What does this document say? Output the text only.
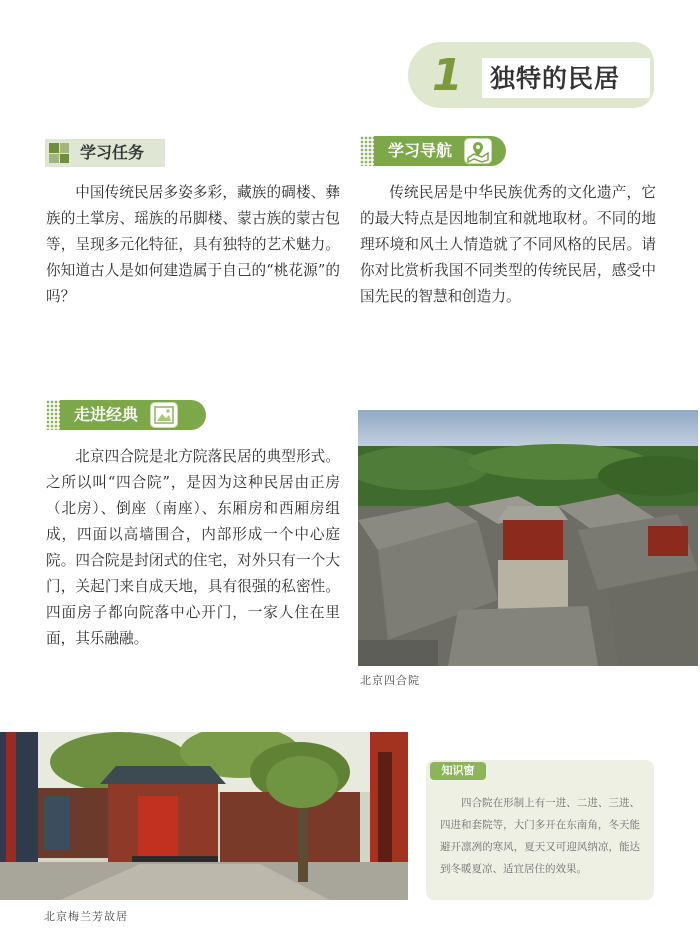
1 独特的民居
学习任务	学习导航

中国传统民居多姿多彩，藏族的碉楼、彝族的土掌房、瑶族的吊脚楼、蒙古族的蒙古包等，呈现多元化特征，具有独特的艺术魅力。你知道古人是如何建造属于自己的“桃花源”的吗？

传统民居是中华民族优秀的文化遗产，它的最大特点是因地制宜和就地取材。不同的地理环境和风土人情造就了不同风格的民居。请你对比赏析我国不同类型的传统民居，感受中国先民的智慧和创造力。

走进经典

北京四合院是北方院落民居的典型形式。之所以叫“四合院”，是因为这种民居由正房（北房）、倒座（南座）、东厢房和西厢房组成，四面以高墙围合，内部形成一个中心庭院。四合院是封闭式的住宅，对外只有一个大门，关起门来自成天地，具有很强的私密性。四面房子都向院落中心开门，一家人住在里面，其乐融融。

北京四合院
北京梅兰芳故居
知识窗

四合院在形制上有一进、二进、三进、四进和套院等，大门多开在东南角，冬天能避开凛冽的寒风，夏天又可迎风纳凉，能达到冬暖夏凉、适宜居住的效果。
